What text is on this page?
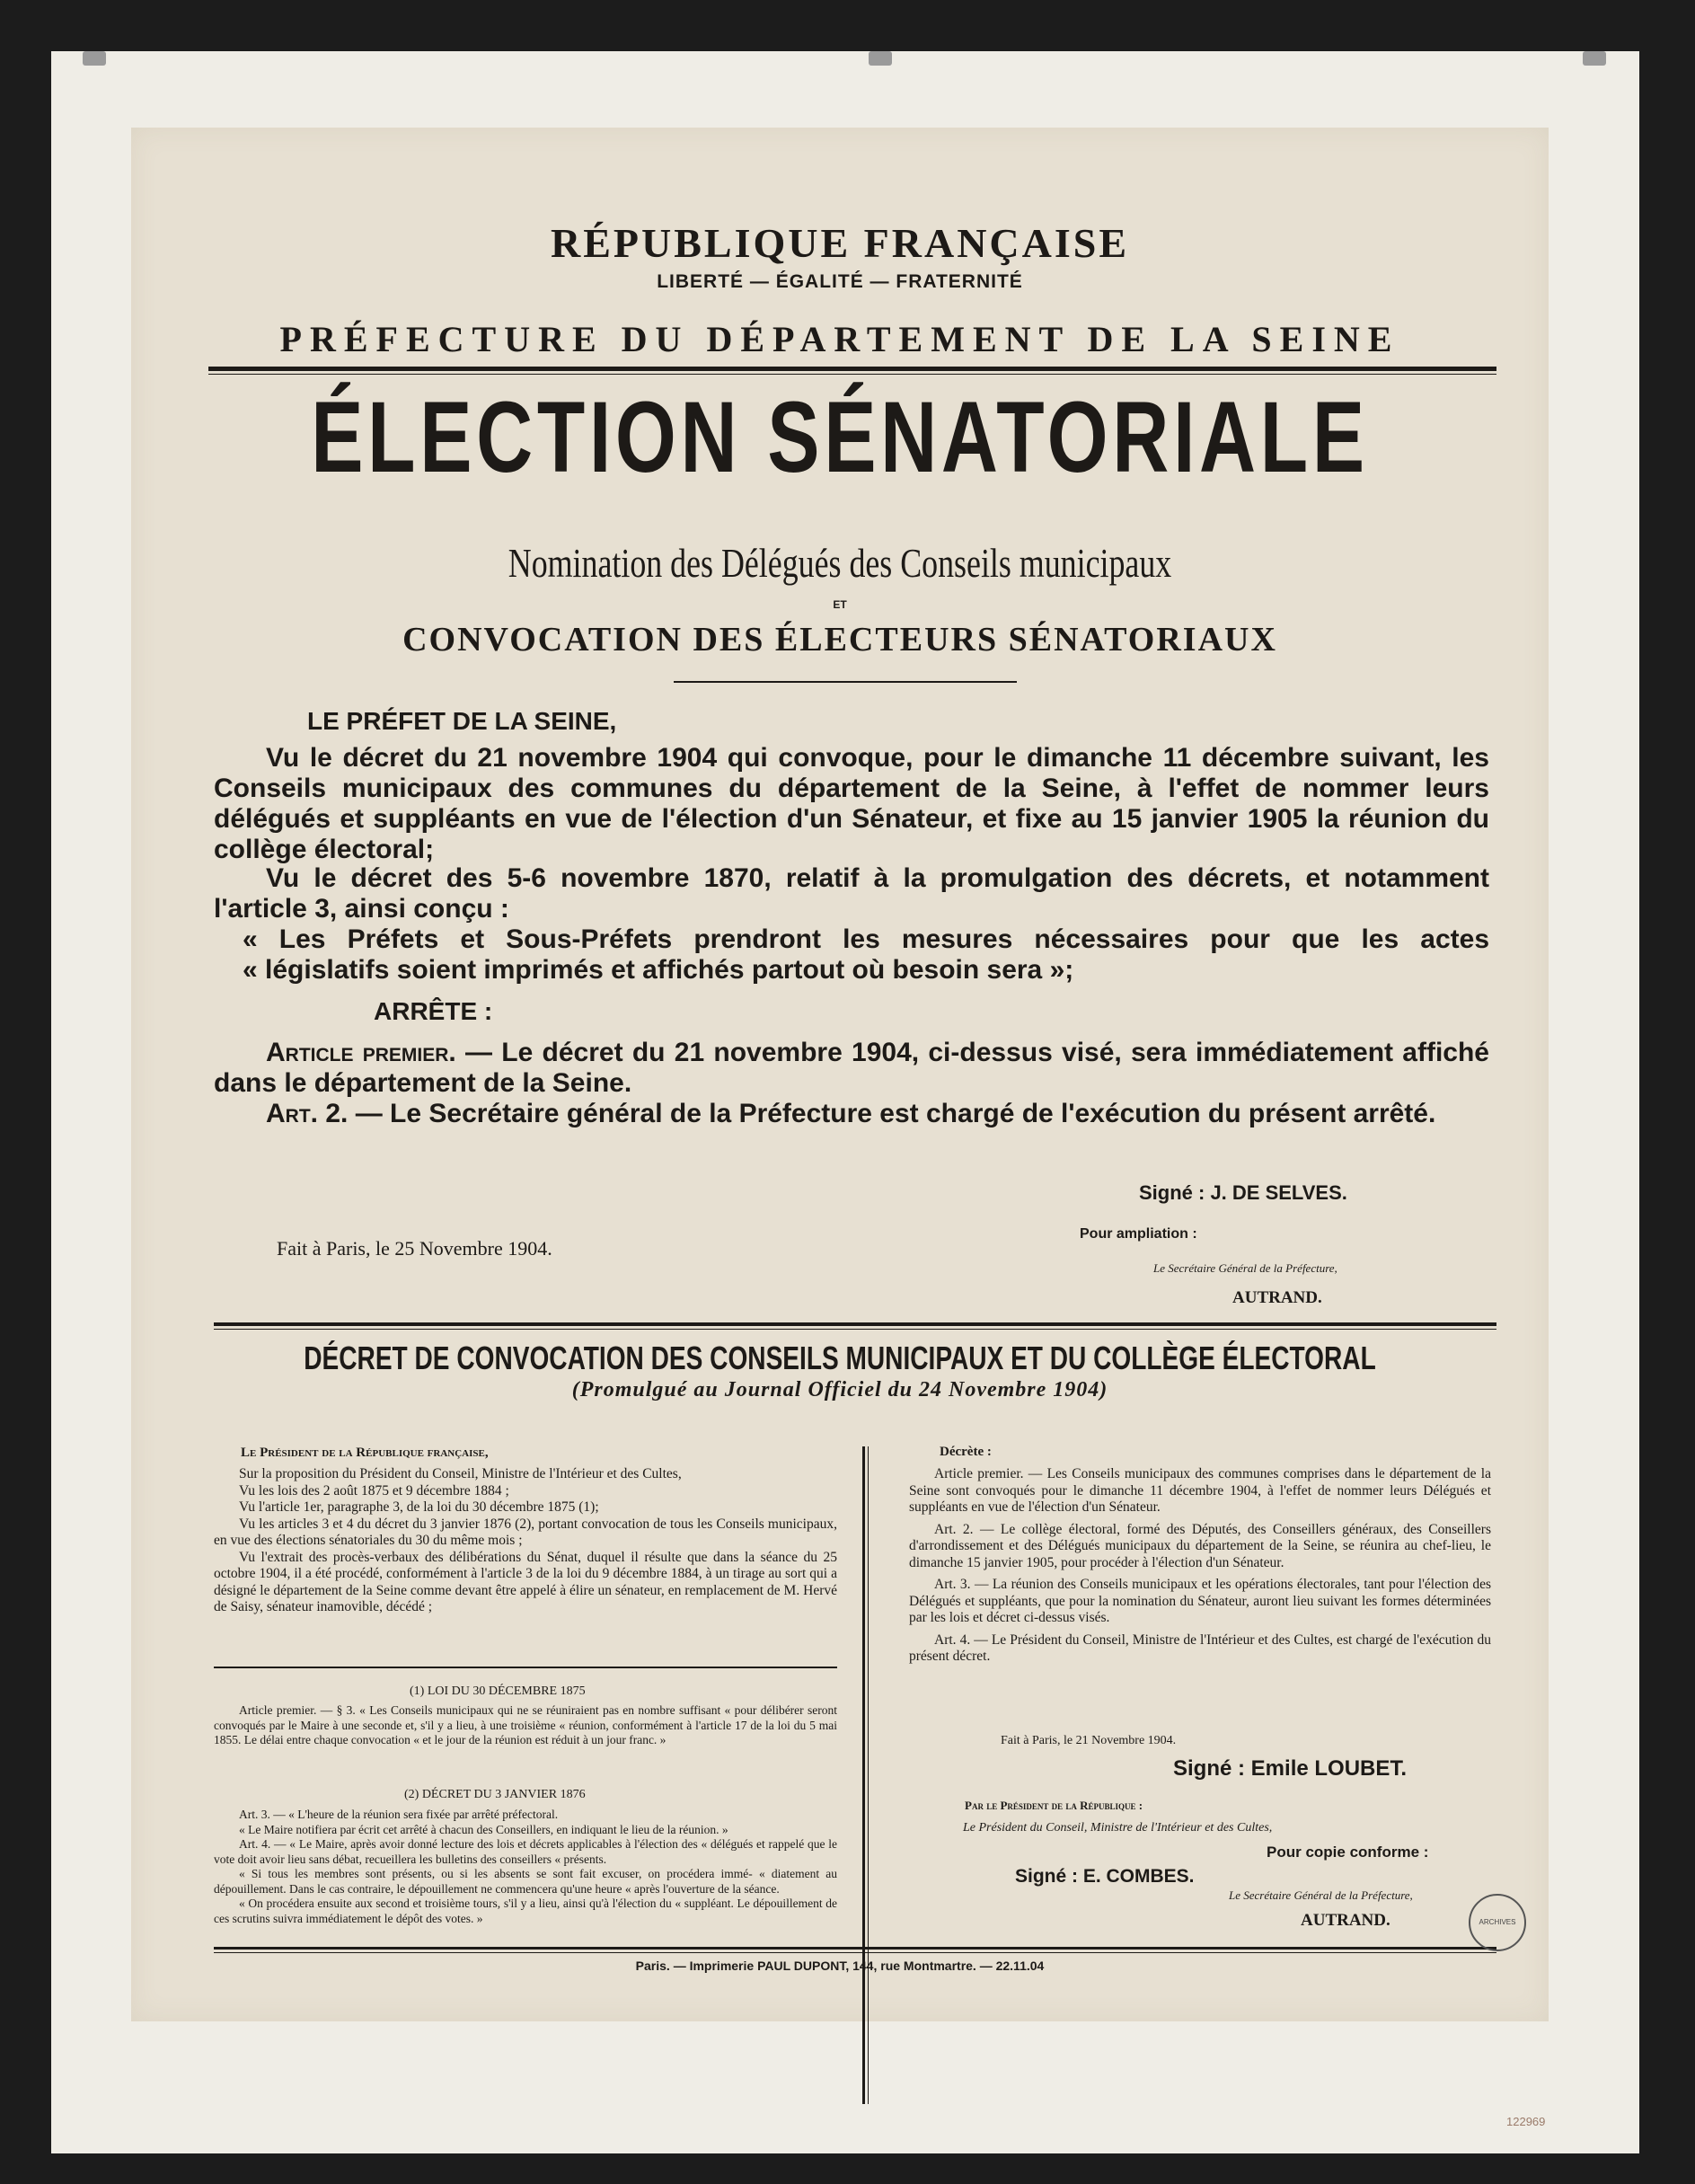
RÉPUBLIQUE FRANÇAISE
LIBERTÉ — ÉGALITÉ — FRATERNITÉ
PRÉFECTURE DU DÉPARTEMENT DE LA SEINE
ÉLECTION SÉNATORIALE
Nomination des Délégués des Conseils municipaux
ET
CONVOCATION DES ÉLECTEURS SÉNATORIAUX
LE PRÉFET DE LA SEINE,
Vu le décret du 21 novembre 1904 qui convoque, pour le dimanche 11 décembre suivant, les Conseils municipaux des communes du département de la Seine, à l'effet de nommer leurs délégués et suppléants en vue de l'élection d'un Sénateur, et fixe au 15 janvier 1905 la réunion du collège électoral;
Vu le décret des 5-6 novembre 1870, relatif à la promulgation des décrets, et notamment l'article 3, ainsi conçu :
« Les Préfets et Sous-Préfets prendront les mesures nécessaires pour que les actes
« législatifs soient imprimés et affichés partout où besoin sera »;
ARRÊTE :
Article premier. — Le décret du 21 novembre 1904, ci-dessus visé, sera immédiatement affiché dans le département de la Seine.
Art. 2. — Le Secrétaire général de la Préfecture est chargé de l'exécution du présent arrêté.
Signé : J. DE SELVES.
Fait à Paris, le 25 Novembre 1904.
Pour ampliation :
Le Secrétaire Général de la Préfecture,
AUTRAND.
DÉCRET DE CONVOCATION DES CONSEILS MUNICIPAUX ET DU COLLÈGE ÉLECTORAL
(Promulgué au Journal Officiel du 24 Novembre 1904)
Le Président de la République française,

Sur la proposition du Président du Conseil, Ministre de l'Intérieur et des Cultes,

Vu les lois des 2 août 1875 et 9 décembre 1884 ;

Vu l'article 1er, paragraphe 3, de la loi du 30 décembre 1875 (1);

Vu les articles 3 et 4 du décret du 3 janvier 1876 (2), portant convocation de tous les Conseils municipaux, en vue des élections sénatoriales du 30 du même mois ;

Vu l'extrait des procès-verbaux des délibérations du Sénat, duquel il résulte que dans la séance du 25 octobre 1904, il a été procédé, conformément à l'article 3 de la loi du 9 décembre 1884, à un tirage au sort qui a désigné le département de la Seine comme devant être appelé à élire un sénateur, en remplacement de M. Hervé de Saisy, sénateur inamovible, décédé ;

(1) LOI DU 30 DÉCEMBRE 1875
Article premier. — § 3. « Les Conseils municipaux qui ne se réuniraient pas en nombre suffisant « pour délibérer seront convoqués par le Maire à une seconde et, s'il y a lieu, à une troisième « réunion, conformément à l'article 17 de la loi du 5 mai 1855. Le délai entre chaque convocation « et le jour de la réunion est réduit à un jour franc. »
(2) DÉCRET DU 3 JANVIER 1876

Art. 3. — « L'heure de la réunion sera fixée par arrêté préfectoral.

« Le Maire notifiera par écrit cet arrêté à chacun des Conseillers, en indiquant le lieu de la réunion. »

Art. 4. — « Le Maire, après avoir donné lecture des lois et décrets applicables à l'élection des « délégués et rappelé que le vote doit avoir lieu sans débat, recueillera les bulletins des conseillers « présents.

« Si tous les membres sont présents, ou si les absents se sont fait excuser, on procédera immé- « diatement au dépouillement. Dans le cas contraire, le dépouillement ne commencera qu'une heure « après l'ouverture de la séance.

« On procédera ensuite aux second et troisième tours, s'il y a lieu, ainsi qu'à l'élection du « suppléant. Le dépouillement de ces scrutins suivra immédiatement le dépôt des votes. »

Décrète :

Article premier. — Les Conseils municipaux des communes comprises dans le département de la Seine sont convoqués pour le dimanche 11 décembre 1904, à l'effet de nommer leurs Délégués et suppléants en vue de l'élection d'un Sénateur.

Art. 2. — Le collège électoral, formé des Députés, des Conseillers généraux, des Conseillers d'arrondissement et des Délégués municipaux du département de la Seine, se réunira au chef-lieu, le dimanche 15 janvier 1905, pour procéder à l'élection d'un Sénateur.

Art. 3. — La réunion des Conseils municipaux et les opérations électorales, tant pour l'élection des Délégués et suppléants, que pour la nomination du Sénateur, auront lieu suivant les formes déterminées par les lois et décret ci-dessus visés.

Art. 4. — Le Président du Conseil, Ministre de l'Intérieur et des Cultes, est chargé de l'exécution du présent décret.

Fait à Paris, le 21 Novembre 1904.
Signé : Emile LOUBET.
Par le Président de la République :
Le Président du Conseil, Ministre de l'Intérieur et des Cultes,
Pour copie conforme :
Signé : E. COMBES.
Le Secrétaire Général de la Préfecture,
AUTRAND.
Paris. — Imprimerie PAUL DUPONT, 144, rue Montmartre. — 22.11.04
ARCHIVES
122969
